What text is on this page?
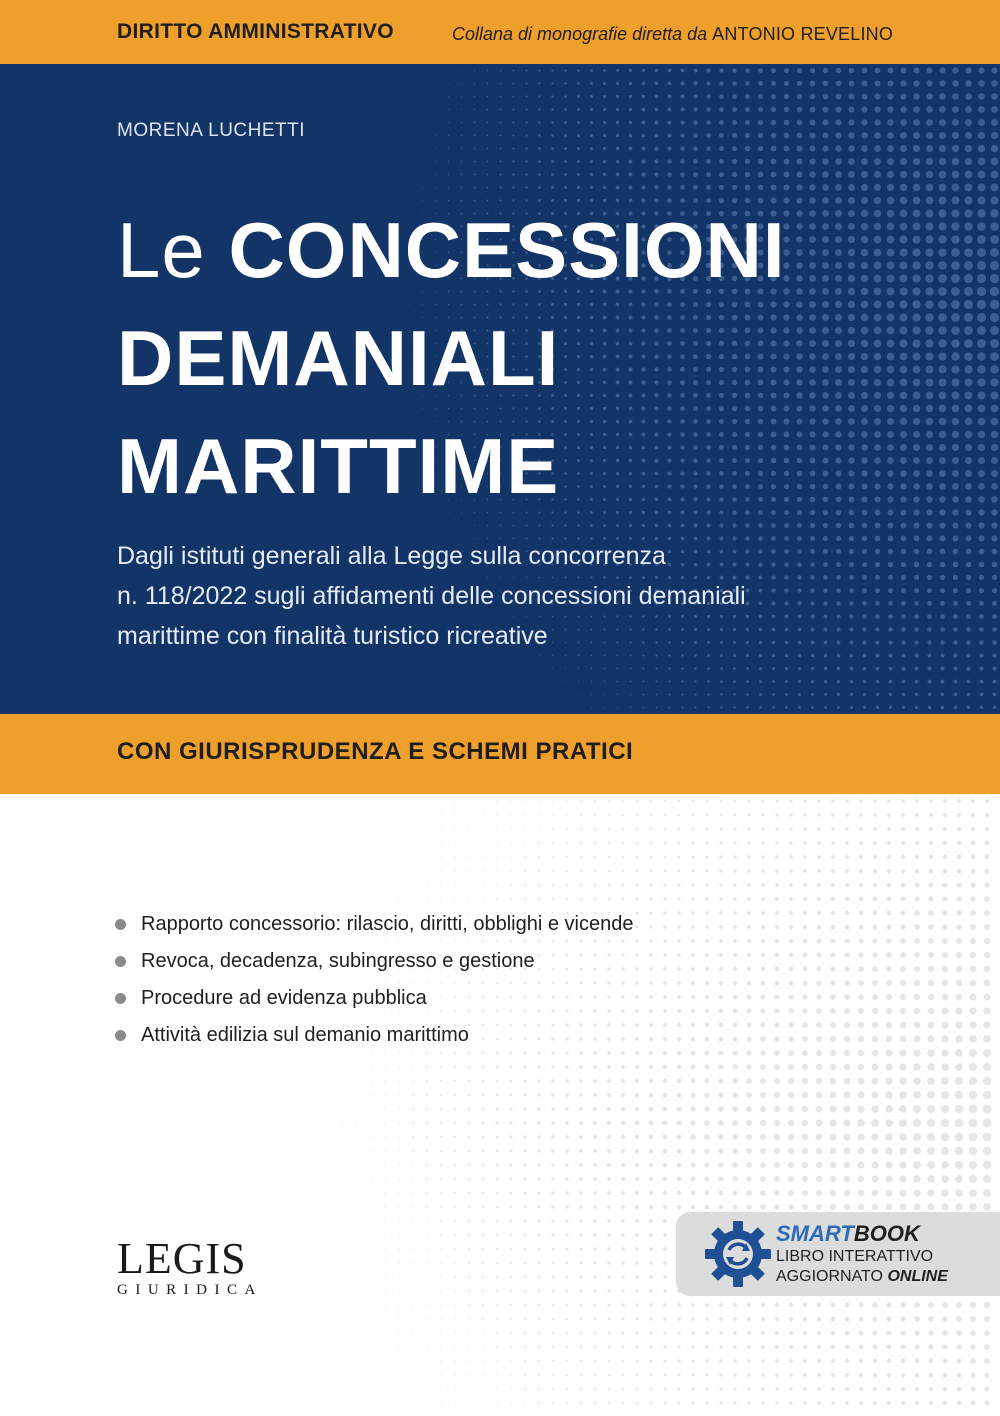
DIRITTO AMMINISTRATIVO	Collana di monografie diretta da ANTONIO REVELINO
MORENA LUCHETTI
Le CONCESSIONI
DEMANIALI
MARITTIME
Dagli istituti generali alla Legge sulla concorrenza
n. 118/2022 sugli affidamenti delle concessioni demaniali
marittime con finalità turistico ricreative
CON GIURISPRUDENZA E SCHEMI PRATICI
Rapporto concessorio: rilascio, diritti, obblighi e vicende
Revoca, decadenza, subingresso e gestione
Procedure ad evidenza pubblica
Attività edilizia sul demanio marittimo
LEGIS
GIURIDICA
SMARTBOOK
LIBRO INTERATTIVO
AGGIORNATO ONLINE
